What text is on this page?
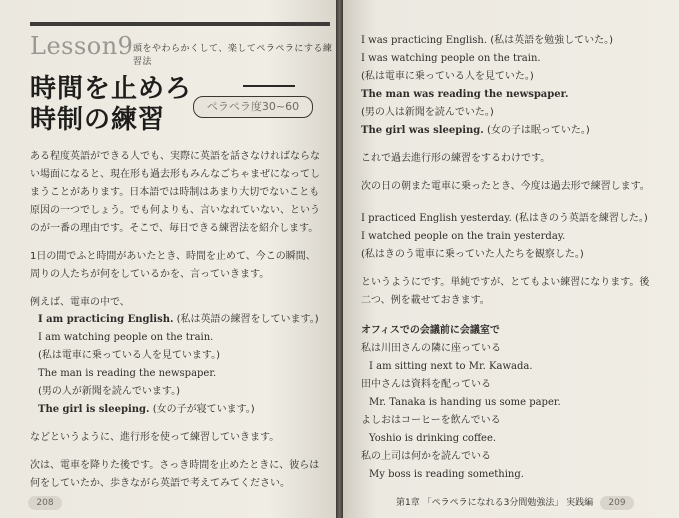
Lesson9 頭をやわらかくして、楽してペラペラにする練習法
時間を止めろ
時制の練習	ペラペラ度30~60
ある程度英語ができる人でも、実際に英語を話さなければならな
い場面になると、現在形も過去形もみんなごちゃまぜになってし
まうことがあります。日本語では時制はあまり大切でないことも
原因の一つでしょう。でも何よりも、言いなれていない、という
のが一番の理由です。そこで、毎日できる練習法を紹介します。
1日の間でふと時間があいたとき、時間を止めて、今この瞬間、
周りの人たちが何をしているかを、言っていきます。
例えば、電車の中で、
I am practicing English. (私は英語の練習をしています。)
I am watching people on the train.
(私は電車に乗っている人を見ています。)
The man is reading the newspaper.
(男の人が新聞を読んでいます。)
The girl is sleeping. (女の子が寝ています。)
などというように、進行形を使って練習していきます。
次は、電車を降りた後です。さっき時間を止めたときに、彼らは
何をしていたか、歩きながら英語で考えてみてください。
208
I was practicing English. (私は英語を勉強していた。)
I was watching people on the train.
(私は電車に乗っている人を見ていた。)
The man was reading the newspaper.
(男の人は新聞を読んでいた。)
The girl was sleeping. (女の子は眠っていた。)
これで過去進行形の練習をするわけです。
次の日の朝また電車に乗ったとき、今度は過去形で練習します。
I practiced English yesterday. (私はきのう英語を練習した。)
I watched people on the train yesterday.
(私はきのう電車に乗っていた人たちを観察した。)
というようにです。単純ですが、とてもよい練習になります。後
二つ、例を載せておきます。
オフィスでの会議前に会議室で
私は川田さんの隣に座っている
I am sitting next to Mr. Kawada.
田中さんは資料を配っている
Mr. Tanaka is handing us some paper.
よしおはコーヒーを飲んでいる
Yoshio is drinking coffee.
私の上司は何かを読んでいる
My boss is reading something.
第1章 「ペラペラになれる3分間勉強法」 実践編	209
